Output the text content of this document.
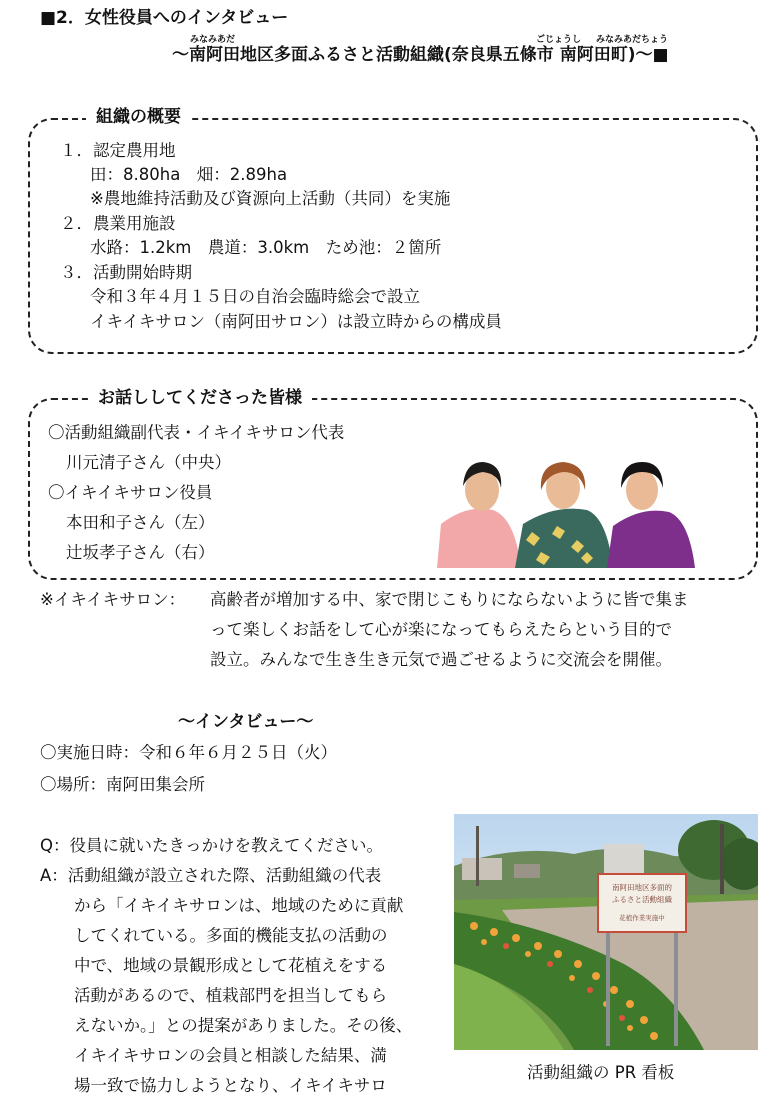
■2．女性役員へのインタビュー
みなみあだ	ごじょうし みなみあだちょう
～南阿田地区多面ふるさと活動組織(奈良県五條市 南阿田町)～■
組織の概要
１．認定農用地
田：8.80ha　畑：2.89ha
※農地維持活動及び資源向上活動（共同）を実施
２．農業用施設
水路：1.2km　農道：3.0km　ため池：２箇所
３．活動開始時期
令和３年４月１５日の自治会臨時総会で設立
イキイキサロン（南阿田サロン）は設立時からの構成員
お話ししてくださった皆様
〇活動組織副代表・イキイキサロン代表
川元清子さん（中央）
〇イキイキサロン役員
本田和子さん（左）
辻坂孝子さん（右）
※イキイキサロン： 高齢者が増加する中、家で閉じこもりにならないように皆で集ま
って楽しくお話をして心が楽になってもらえたらという目的で
設立。みんなで生き生き元気で過ごせるように交流会を開催。
～インタビュー～
〇実施日時：令和６年６月２５日（火）
〇場所：南阿田集会所
Q：役員に就いたきっかけを教えてください。
A：活動組織が設立された際、活動組織の代表
から「イキイキサロンは、地域のために貢献
してくれている。多面的機能支払の活動の
中で、地域の景観形成として花植えをする
活動があるので、植栽部門を担当してもら
えないか。」との提案がありました。その後、
イキイキサロンの会員と相談した結果、満
場一致で協力しようとなり、イキイキサロ
南阿田地区多面的
ふるさと活動組織
花植作業実施中
活動組織の PR 看板
